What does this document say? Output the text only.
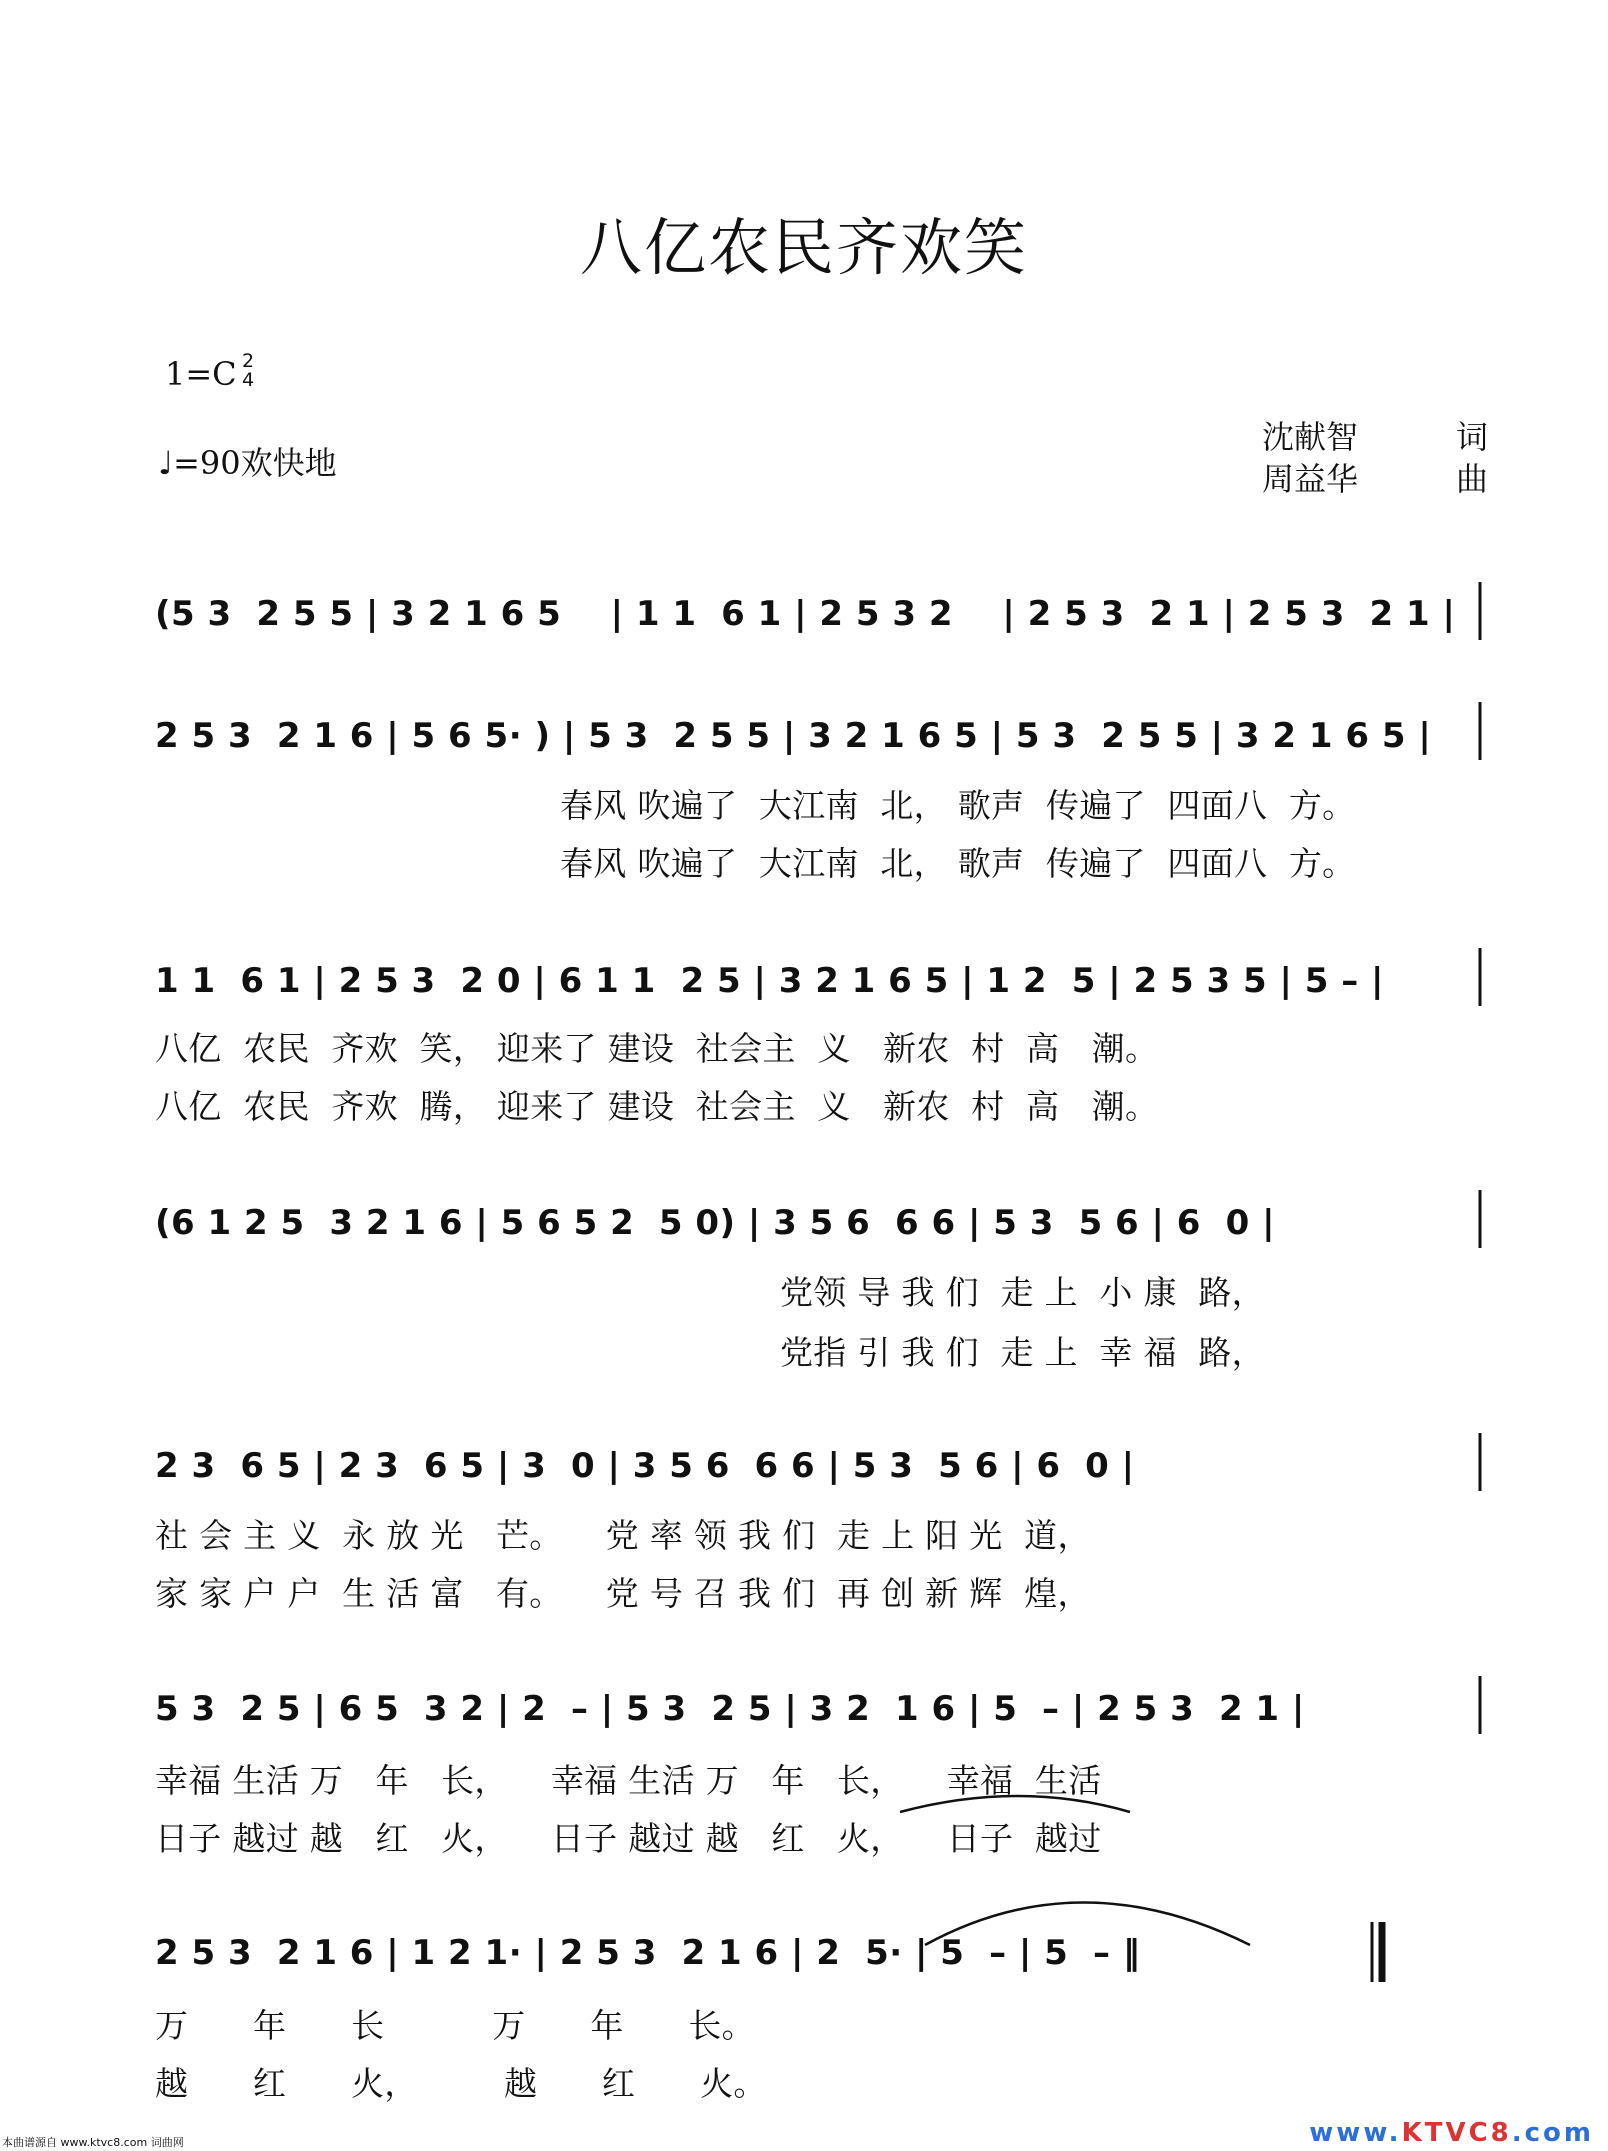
八亿农民齐欢笑
1=C 2
4
♩=90欢快地
沈献智	词
周益华	曲
(5 3  2 5 5 | 3 2 1 6 5    | 1 1  6 1 | 2 5 3 2    | 2 5 3  2 1 | 2 5 3  2 1 |
2 5 3  2 1 6 | 5 6 5· ) | 5 3  2 5 5 | 3 2 1 6 5 | 5 3  2 5 5 | 3 2 1 6 5 |
春风 吹遍了  大江南  北， 歌声  传遍了  四面八  方。
春风 吹遍了  大江南  北， 歌声  传遍了  四面八  方。
1 1  6 1 | 2 5 3  2 0 | 6 1 1  2 5 | 3 2 1 6 5 | 1 2  5 | 2 5 3 5 | 5 – |
八亿  农民  齐欢  笑， 迎来了 建设  社会主  义   新农  村  高   潮。
八亿  农民  齐欢  腾， 迎来了 建设  社会主  义   新农  村  高   潮。
(6 1 2 5  3 2 1 6 | 5 6 5 2  5 0) | 3 5 6  6 6 | 5 3  5 6 | 6  0 |
党领 导 我 们  走 上  小 康  路，
党指 引 我 们  走 上  幸 福  路，
2 3  6 5 | 2 3  6 5 | 3  0 | 3 5 6  6 6 | 5 3  5 6 | 6  0 |
社 会 主 义  永 放 光   芒。    党 率 领 我 们  走 上 阳 光  道，
家 家 户 户  生 活 富   有。    党 号 召 我 们  再 创 新 辉  煌，
5 3  2 5 | 6 5  3 2 | 2  – | 5 3  2 5 | 3 2  1 6 | 5  – | 2 5 3  2 1 |
幸福 生活 万   年   长，    幸福 生活 万   年   长，    幸福  生活
日子 越过 越   红   火，    日子 越过 越   红   火，    日子  越过
2 5 3  2 1 6 | 1 2 1· | 2 5 3  2 1 6 | 2  5· | 5  – | 5  – ‖
万      年      长          万      年      长。
越      红      火，        越      红      火。
本曲谱源自 www.ktvc8.com 词曲网	www.KTVC8.com
